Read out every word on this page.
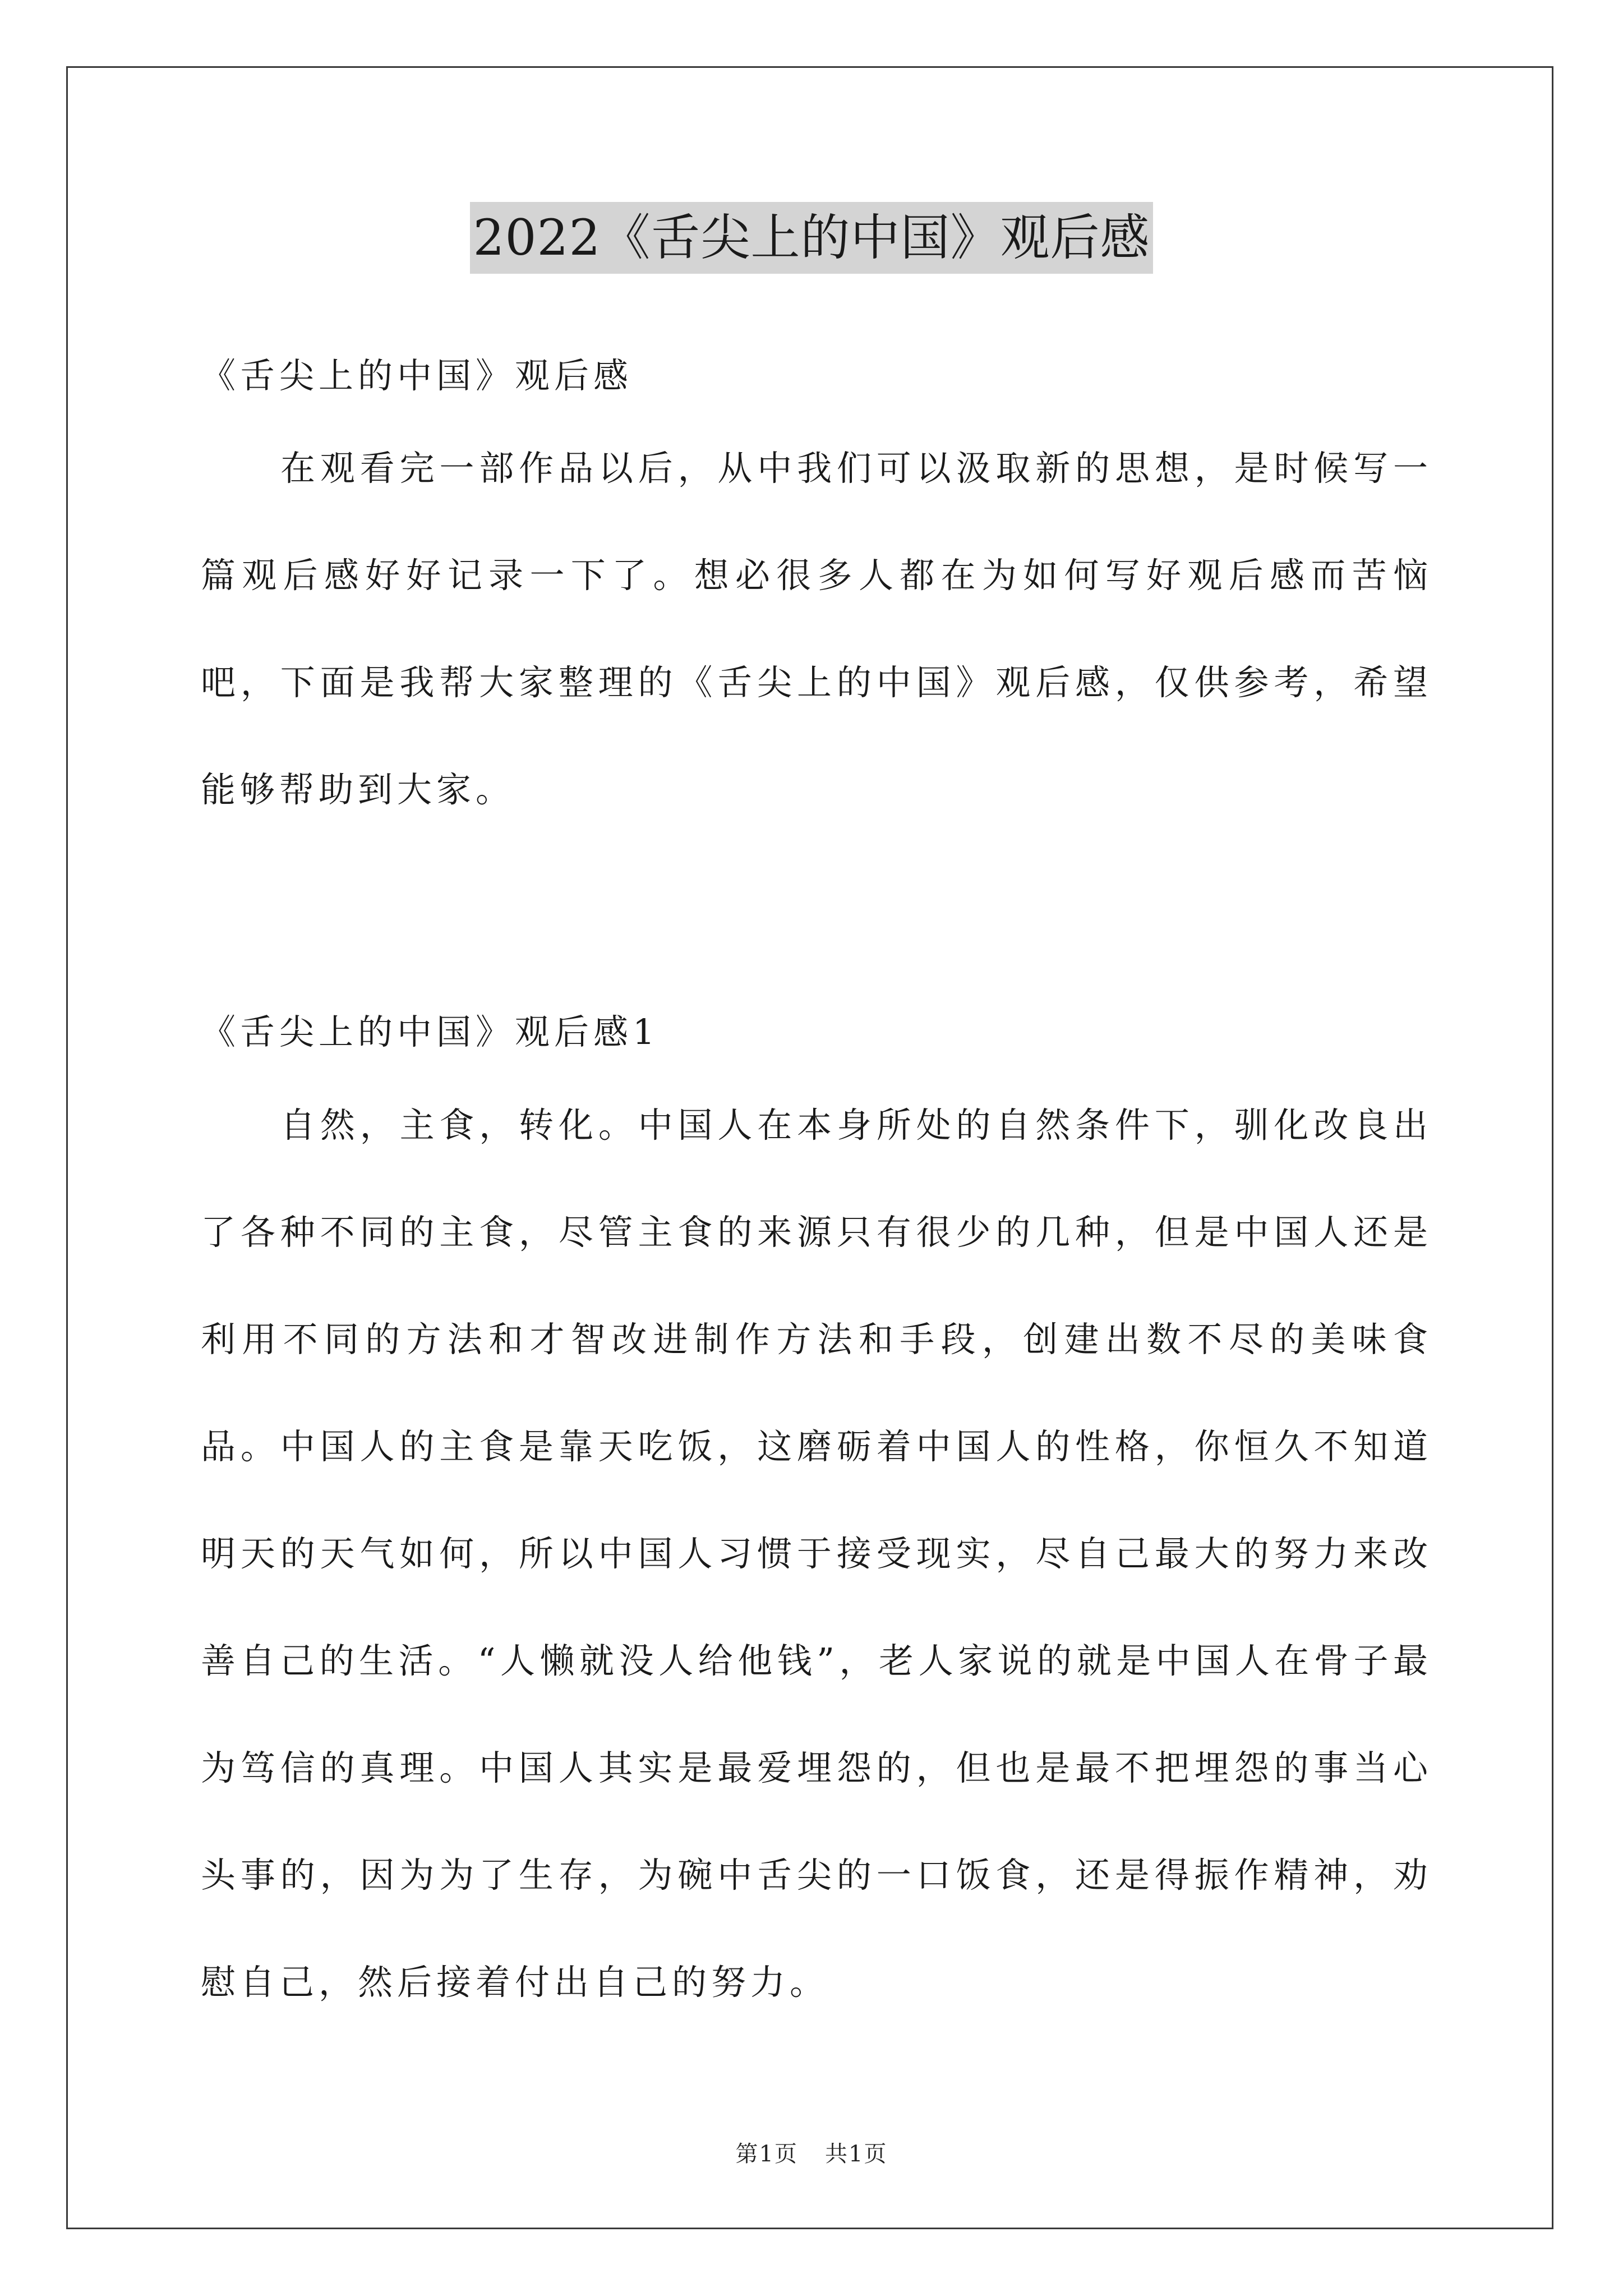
2022《舌尖上的中国》观后感
《舌尖上的中国》观后感

在观看完一部作品以后，从中我们可以汲取新的思想，是时候写一篇观后感好好记录一下了。想必很多人都在为如何写好观后感而苦恼吧，下面是我帮大家整理的《舌尖上的中国》观后感，仅供参考，希望能够帮助到大家。

《舌尖上的中国》观后感1

自然，主食，转化。中国人在本身所处的自然条件下，驯化改良出了各种不同的主食，尽管主食的来源只有很少的几种，但是中国人还是利用不同的方法和才智改进制作方法和手段，创建出数不尽的美味食品。中国人的主食是靠天吃饭，这磨砺着中国人的性格，你恒久不知道明天的天气如何，所以中国人习惯于接受现实，尽自己最大的努力来改善自己的生活。“人懒就没人给他钱”，老人家说的就是中国人在骨子最为笃信的真理。中国人其实是最爱埋怨的，但也是最不把埋怨的事当心头事的，因为为了生存，为碗中舌尖的一口饭食，还是得振作精神，劝慰自己，然后接着付出自己的努力。

第1页 共1页
